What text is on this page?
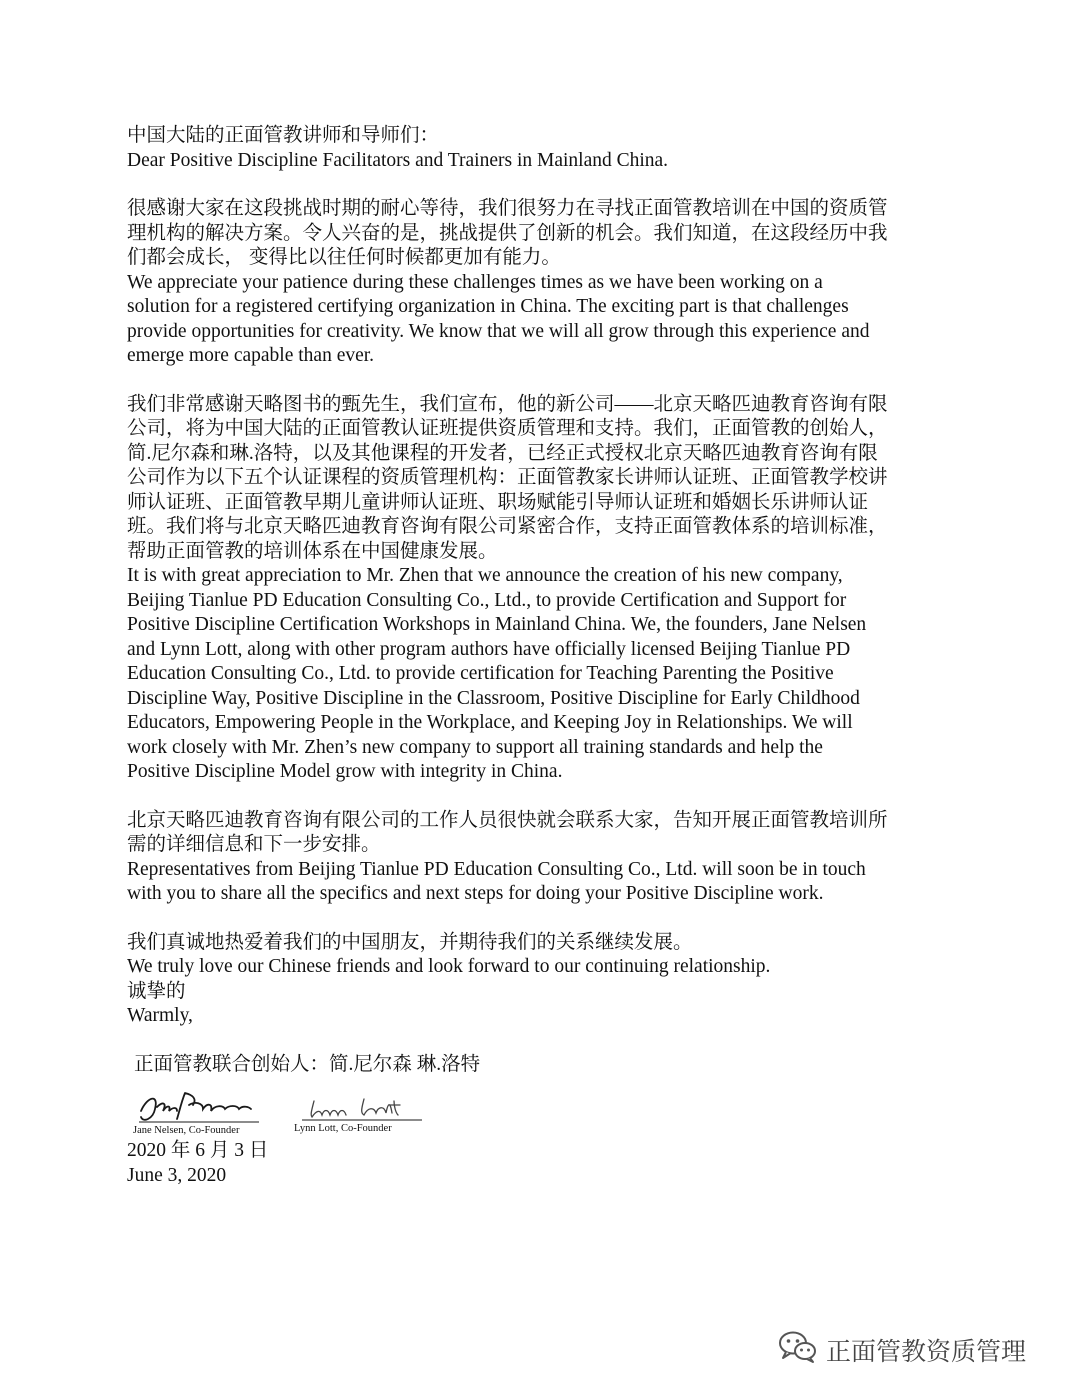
中国大陆的正面管教讲师和导师们：
Dear Positive Discipline Facilitators and Trainers in Mainland China.
很感谢大家在这段挑战时期的耐心等待，我们很努力在寻找正面管教培训在中国的资质管
理机构的解决方案。令人兴奋的是，挑战提供了创新的机会。我们知道，在这段经历中我
们都会成长， 变得比以往任何时候都更加有能力。
We appreciate your patience during these challenges times as we have been working on a
solution for a registered certifying organization in China. The exciting part is that challenges
provide opportunities for creativity. We know that we will all grow through this experience and
emerge more capable than ever.
我们非常感谢天略图书的甄先生，我们宣布，他的新公司——北京天略匹迪教育咨询有限
公司，将为中国大陆的正面管教认证班提供资质管理和支持。我们，正面管教的创始人，
简.尼尔森和琳.洛特，以及其他课程的开发者，已经正式授权北京天略匹迪教育咨询有限
公司作为以下五个认证课程的资质管理机构：正面管教家长讲师认证班、正面管教学校讲
师认证班、正面管教早期儿童讲师认证班、职场赋能引导师认证班和婚姻长乐讲师认证
班。我们将与北京天略匹迪教育咨询有限公司紧密合作，支持正面管教体系的培训标准，
帮助正面管教的培训体系在中国健康发展。
It is with great appreciation to Mr. Zhen that we announce the creation of his new company,
Beijing Tianlue PD Education Consulting Co., Ltd., to provide Certification and Support for
Positive Discipline Certification Workshops in Mainland China. We, the founders, Jane Nelsen
and Lynn Lott, along with other program authors have officially licensed Beijing Tianlue PD
Education Consulting Co., Ltd. to provide certification for Teaching Parenting the Positive
Discipline Way, Positive Discipline in the Classroom, Positive Discipline for Early Childhood
Educators, Empowering People in the Workplace, and Keeping Joy in Relationships. We will
work closely with Mr. Zhen’s new company to support all training standards and help the
Positive Discipline Model grow with integrity in China.
北京天略匹迪教育咨询有限公司的工作人员很快就会联系大家，告知开展正面管教培训所
需的详细信息和下一步安排。
Representatives from Beijing Tianlue PD Education Consulting Co., Ltd. will soon be in touch
with you to share all the specifics and next steps for doing your Positive Discipline work.
我们真诚地热爱着我们的中国朋友，并期待我们的关系继续发展。
We truly love our Chinese friends and look forward to our continuing relationship.
诚挚的
Warmly,
正面管教联合创始人：简.尼尔森 琳.洛特
Jane Nelsen, Co-Founder	Lynn Lott, Co-Founder
2020 年 6 月 3 日
June 3, 2020
正面管教资质管理
